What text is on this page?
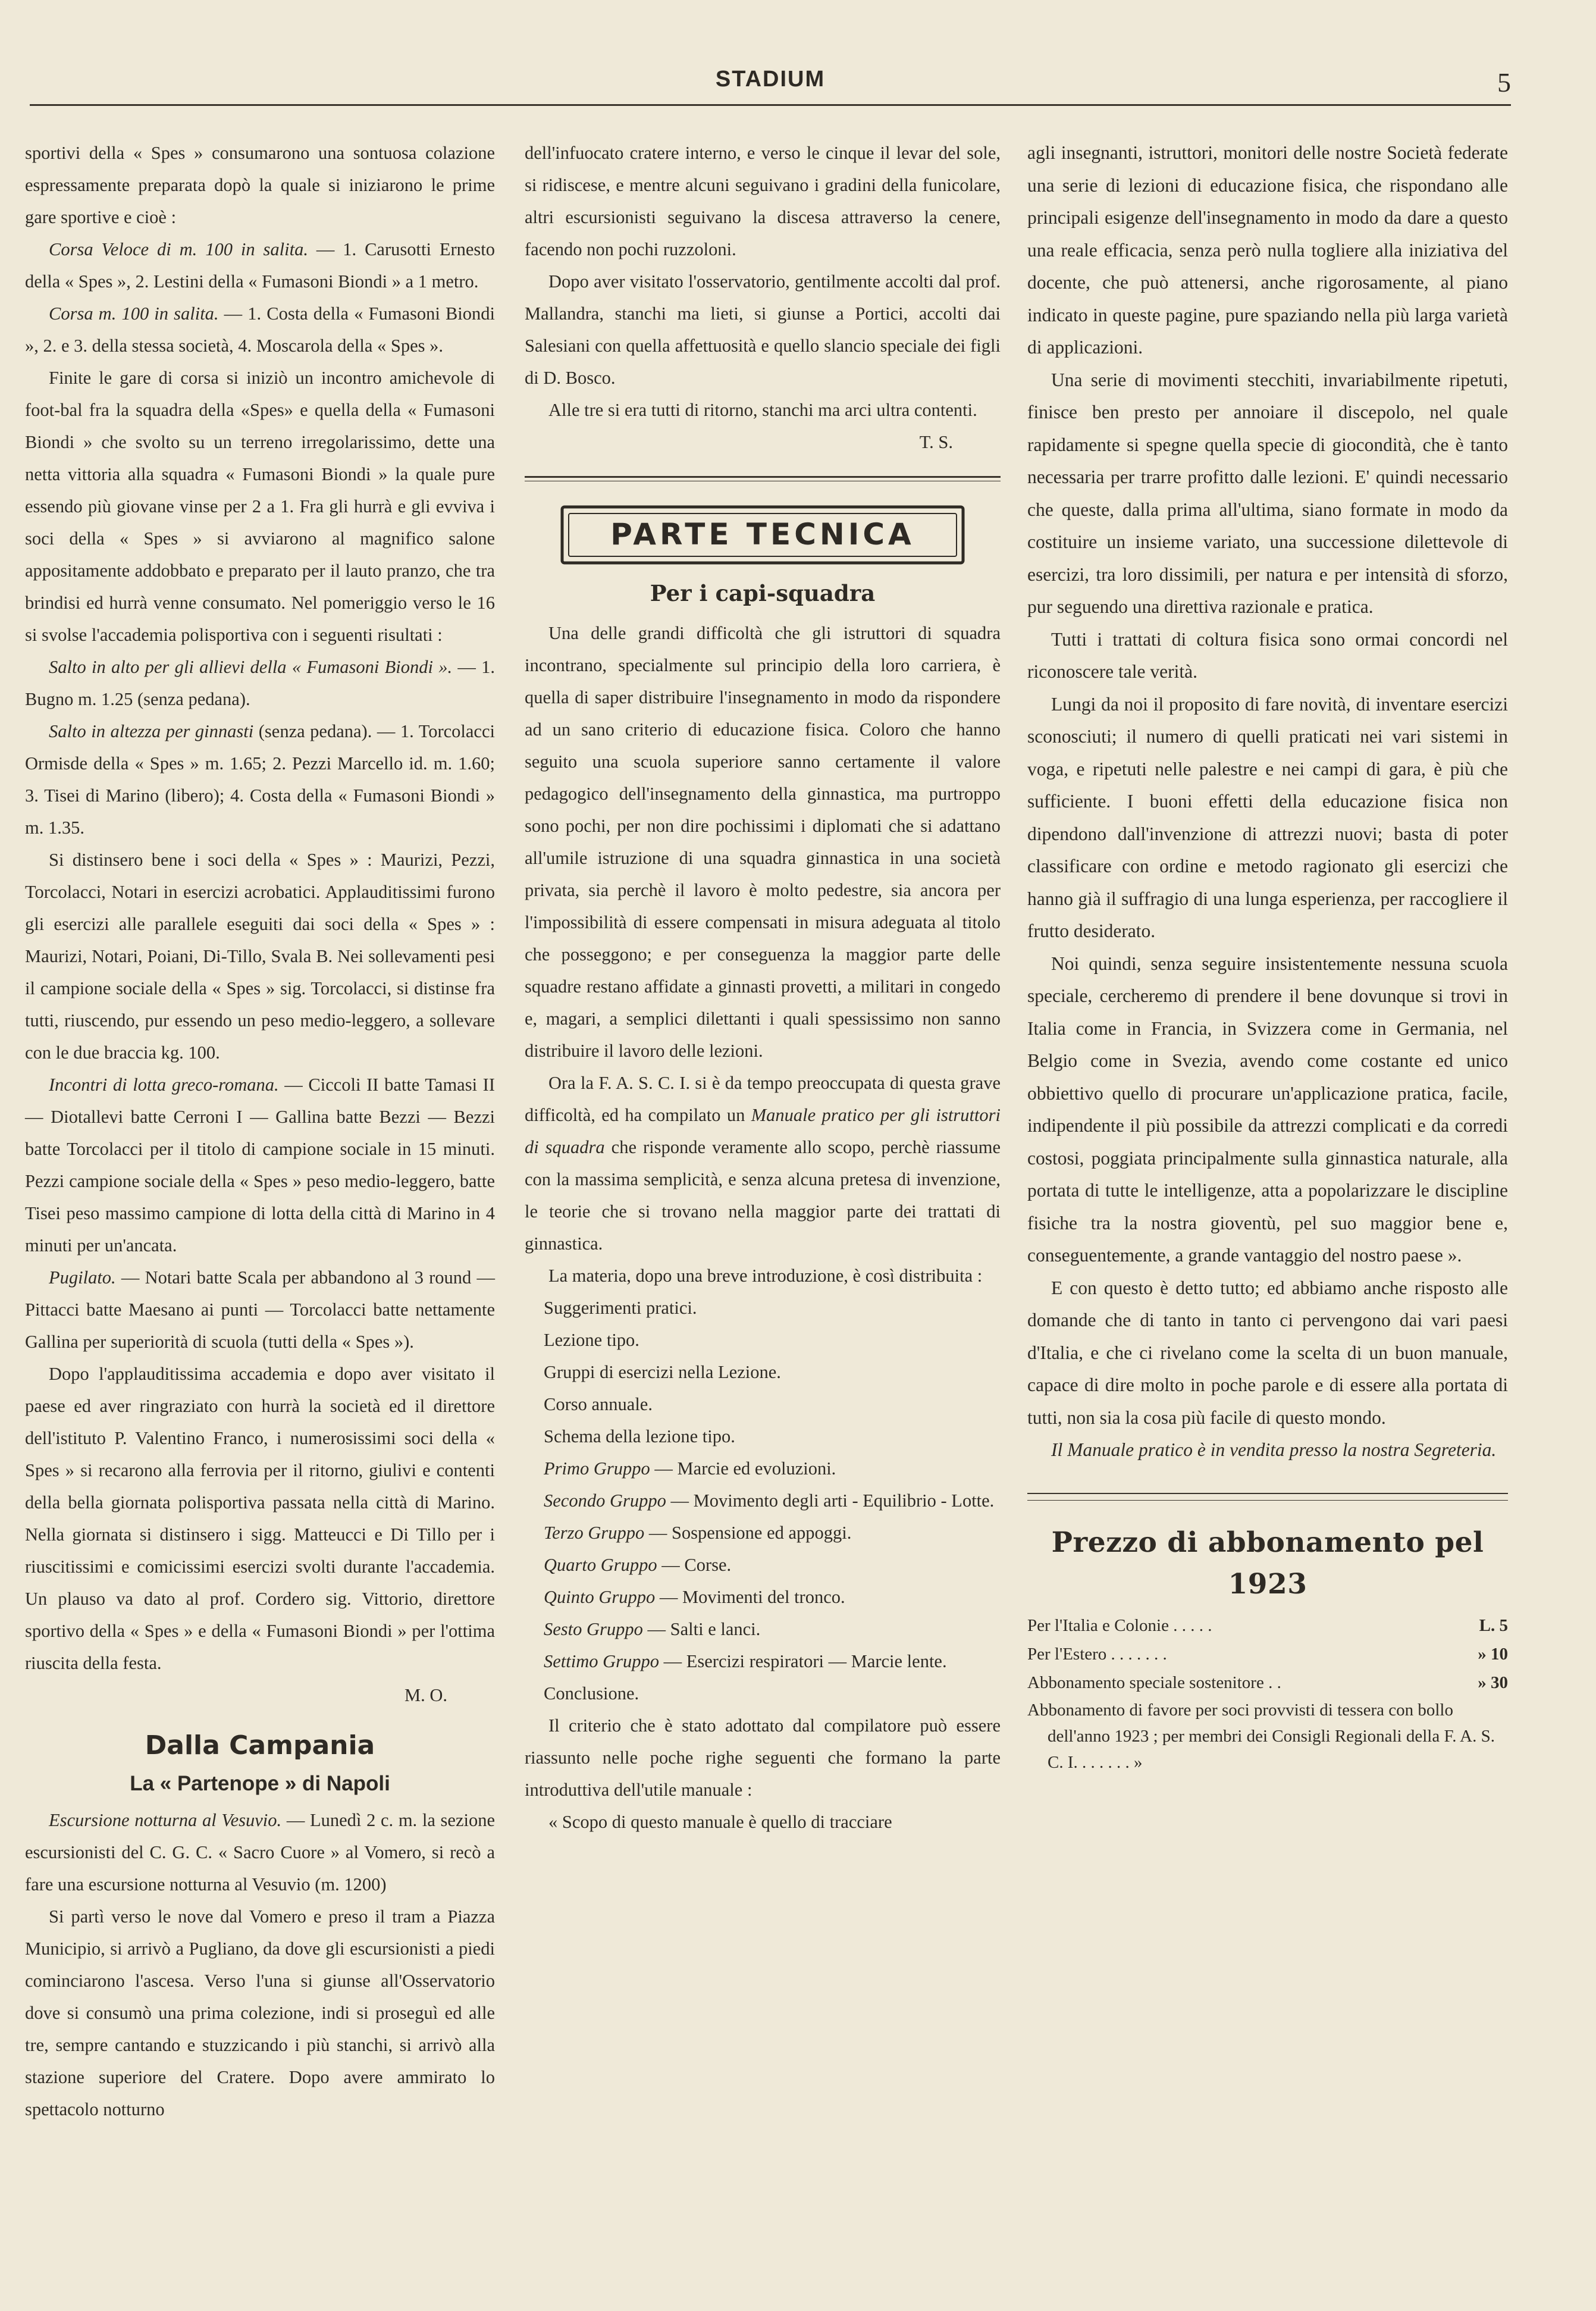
STADIUM	5

sportivi della « Spes » consumarono una sontuosa colazione espressamente preparata dopò la quale si iniziarono le prime gare sportive e cioè :

Corsa Veloce di m. 100 in salita. — 1. Carusotti Ernesto della « Spes », 2. Lestini della « Fumasoni Biondi » a 1 metro.

Corsa m. 100 in salita. — 1. Costa della « Fumasoni Biondi », 2. e 3. della stessa società, 4. Moscarola della « Spes ».

Finite le gare di corsa si iniziò un incontro amichevole di foot-bal fra la squadra della «Spes» e quella della « Fumasoni Biondi » che svolto su un terreno irregolarissimo, dette una netta vittoria alla squadra « Fumasoni Biondi » la quale pure essendo più giovane vinse per 2 a 1. Fra gli hurrà e gli evviva i soci della « Spes » si avviarono al magnifico salone appositamente addobbato e preparato per il lauto pranzo, che tra brindisi ed hurrà venne consumato. Nel pomeriggio verso le 16 si svolse l'accademia polisportiva con i seguenti risultati :

Salto in alto per gli allievi della « Fumasoni Biondi ». — 1. Bugno m. 1.25 (senza pedana).

Salto in altezza per ginnasti (senza pedana). — 1. Torcolacci Ormisde della « Spes » m. 1.65; 2. Pezzi Marcello id. m. 1.60; 3. Tisei di Marino (libero); 4. Costa della « Fumasoni Biondi » m. 1.35.

Si distinsero bene i soci della « Spes » : Maurizi, Pezzi, Torcolacci, Notari in esercizi acrobatici. Applauditissimi furono gli esercizi alle parallele eseguiti dai soci della « Spes » : Maurizi, Notari, Poiani, Di-Tillo, Svala B. Nei sollevamenti pesi il campione sociale della « Spes » sig. Torcolacci, si distinse fra tutti, riuscendo, pur essendo un peso medio-leggero, a sollevare con le due braccia kg. 100.

Incontri di lotta greco-romana. — Ciccoli II batte Tamasi II — Diotallevi batte Cerroni I — Gallina batte Bezzi — Bezzi batte Torcolacci per il titolo di campione sociale in 15 minuti. Pezzi campione sociale della « Spes » peso medio-leggero, batte Tisei peso massimo campione di lotta della città di Marino in 4 minuti per un'ancata.

Pugilato. — Notari batte Scala per abbandono al 3 round — Pittacci batte Maesano ai punti — Torcolacci batte nettamente Gallina per superiorità di scuola (tutti della « Spes »).

Dopo l'applauditissima accademia e dopo aver visitato il paese ed aver ringraziato con hurrà la società ed il direttore dell'istituto P. Valentino Franco, i numerosissimi soci della « Spes » si recarono alla ferrovia per il ritorno, giulivi e contenti della bella giornata polisportiva passata nella città di Marino. Nella giornata si distinsero i sigg. Matteucci e Di Tillo per i riuscitissimi e comicissimi esercizi svolti durante l'accademia. Un plauso va dato al prof. Cordero sig. Vittorio, direttore sportivo della « Spes » e della « Fumasoni Biondi » per l'ottima riuscita della festa.

M. O.

Dalla Campania
La « Partenope » di Napoli

Escursione notturna al Vesuvio. — Lunedì 2 c. m. la sezione escursionisti del C. G. C. « Sacro Cuore » al Vomero, si recò a fare una escursione notturna al Vesuvio (m. 1200)

Si partì verso le nove dal Vomero e preso il tram a Piazza Municipio, si arrivò a Pugliano, da dove gli escursionisti a piedi cominciarono l'ascesa. Verso l'una si giunse all'Osservatorio dove si consumò una prima colezione, indi si proseguì ed alle tre, sempre cantando e stuzzicando i più stanchi, si arrivò alla stazione superiore del Cratere. Dopo avere ammirato lo spettacolo notturno

dell'infuocato cratere interno, e verso le cinque il levar del sole, si ridiscese, e mentre alcuni seguivano i gradini della funicolare, altri escursionisti seguivano la discesa attraverso la cenere, facendo non pochi ruzzoloni.

Dopo aver visitato l'osservatorio, gentilmente accolti dal prof. Mallandra, stanchi ma lieti, si giunse a Portici, accolti dai Salesiani con quella affettuosità e quello slancio speciale dei figli di D. Bosco.

Alle tre si era tutti di ritorno, stanchi ma arci ultra contenti.

T. S.

PARTE TECNICA
Per i capi-squadra

Una delle grandi difficoltà che gli istruttori di squadra incontrano, specialmente sul principio della loro carriera, è quella di saper distribuire l'insegnamento in modo da rispondere ad un sano criterio di educazione fisica. Coloro che hanno seguito una scuola superiore sanno certamente il valore pedagogico dell'insegnamento della ginnastica, ma purtroppo sono pochi, per non dire pochissimi i diplomati che si adattano all'umile istruzione di una squadra ginnastica in una società privata, sia perchè il lavoro è molto pedestre, sia ancora per l'impossibilità di essere compensati in misura adeguata al titolo che posseggono; e per conseguenza la maggior parte delle squadre restano affidate a ginnasti provetti, a militari in congedo e, magari, a semplici dilettanti i quali spessissimo non sanno distribuire il lavoro delle lezioni.

Ora la F. A. S. C. I. si è da tempo preoccupata di questa grave difficoltà, ed ha compilato un Manuale pratico per gli istruttori di squadra che risponde veramente allo scopo, perchè riassume con la massima semplicità, e senza alcuna pretesa di invenzione, le teorie che si trovano nella maggior parte dei trattati di ginnastica.

La materia, dopo una breve introduzione, è così distribuita :

Suggerimenti pratici.

Lezione tipo.

Gruppi di esercizi nella Lezione.

Corso annuale.

Schema della lezione tipo.

Primo Gruppo — Marcie ed evoluzioni.

Secondo Gruppo — Movimento degli arti - Equilibrio - Lotte.

Terzo Gruppo — Sospensione ed appoggi.

Quarto Gruppo — Corse.

Quinto Gruppo — Movimenti del tronco.

Sesto Gruppo — Salti e lanci.

Settimo Gruppo — Esercizi respiratori — Marcie lente.

Conclusione.

Il criterio che è stato adottato dal compilatore può essere riassunto nelle poche righe seguenti che formano la parte introduttiva dell'utile manuale :

« Scopo di questo manuale è quello di tracciare

agli insegnanti, istruttori, monitori delle nostre Società federate una serie di lezioni di educazione fisica, che rispondano alle principali esigenze dell'insegnamento in modo da dare a questo una reale efficacia, senza però nulla togliere alla iniziativa del docente, che può attenersi, anche rigorosamente, al piano indicato in queste pagine, pure spaziando nella più larga varietà di applicazioni.

Una serie di movimenti stecchiti, invariabilmente ripetuti, finisce ben presto per annoiare il discepolo, nel quale rapidamente si spegne quella specie di giocondità, che è tanto necessaria per trarre profitto dalle lezioni. E' quindi necessario che queste, dalla prima all'ultima, siano formate in modo da costituire un insieme variato, una successione dilettevole di esercizi, tra loro dissimili, per natura e per intensità di sforzo, pur seguendo una direttiva razionale e pratica.

Tutti i trattati di coltura fisica sono ormai concordi nel riconoscere tale verità.

Lungi da noi il proposito di fare novità, di inventare esercizi sconosciuti; il numero di quelli praticati nei vari sistemi in voga, e ripetuti nelle palestre e nei campi di gara, è più che sufficiente. I buoni effetti della educazione fisica non dipendono dall'invenzione di attrezzi nuovi; basta di poter classificare con ordine e metodo ragionato gli esercizi che hanno già il suffragio di una lunga esperienza, per raccogliere il frutto desiderato.

Noi quindi, senza seguire insistentemente nessuna scuola speciale, cercheremo di prendere il bene dovunque si trovi in Italia come in Francia, in Svizzera come in Germania, nel Belgio come in Svezia, avendo come costante ed unico obbiettivo quello di procurare un'applicazione pratica, facile, indipendente il più possibile da attrezzi complicati e da corredi costosi, poggiata principalmente sulla ginnastica naturale, alla portata di tutte le intelligenze, atta a popolarizzare le discipline fisiche tra la nostra gioventù, pel suo maggior bene e, conseguentemente, a grande vantaggio del nostro paese ».

E con questo è detto tutto; ed abbiamo anche risposto alle domande che di tanto in tanto ci pervengono dai vari paesi d'Italia, e che ci rivelano come la scelta di un buon manuale, capace di dire molto in poche parole e di essere alla portata di tutti, non sia la cosa più facile di questo mondo.

Il Manuale pratico è in vendita presso la nostra Segreteria.

Prezzo di abbonamento pel 1923
Per l'Italia e Colonie . . . . .	L. 5
Per l'Estero . . . . . . .	» 10
Abbonamento speciale sostenitore . .	» 30
Abbonamento di favore per soci provvisti di tessera con bollo dell'anno 1923 ; per membri dei Consigli Regionali della F. A. S. C. I. . . . . . . »
